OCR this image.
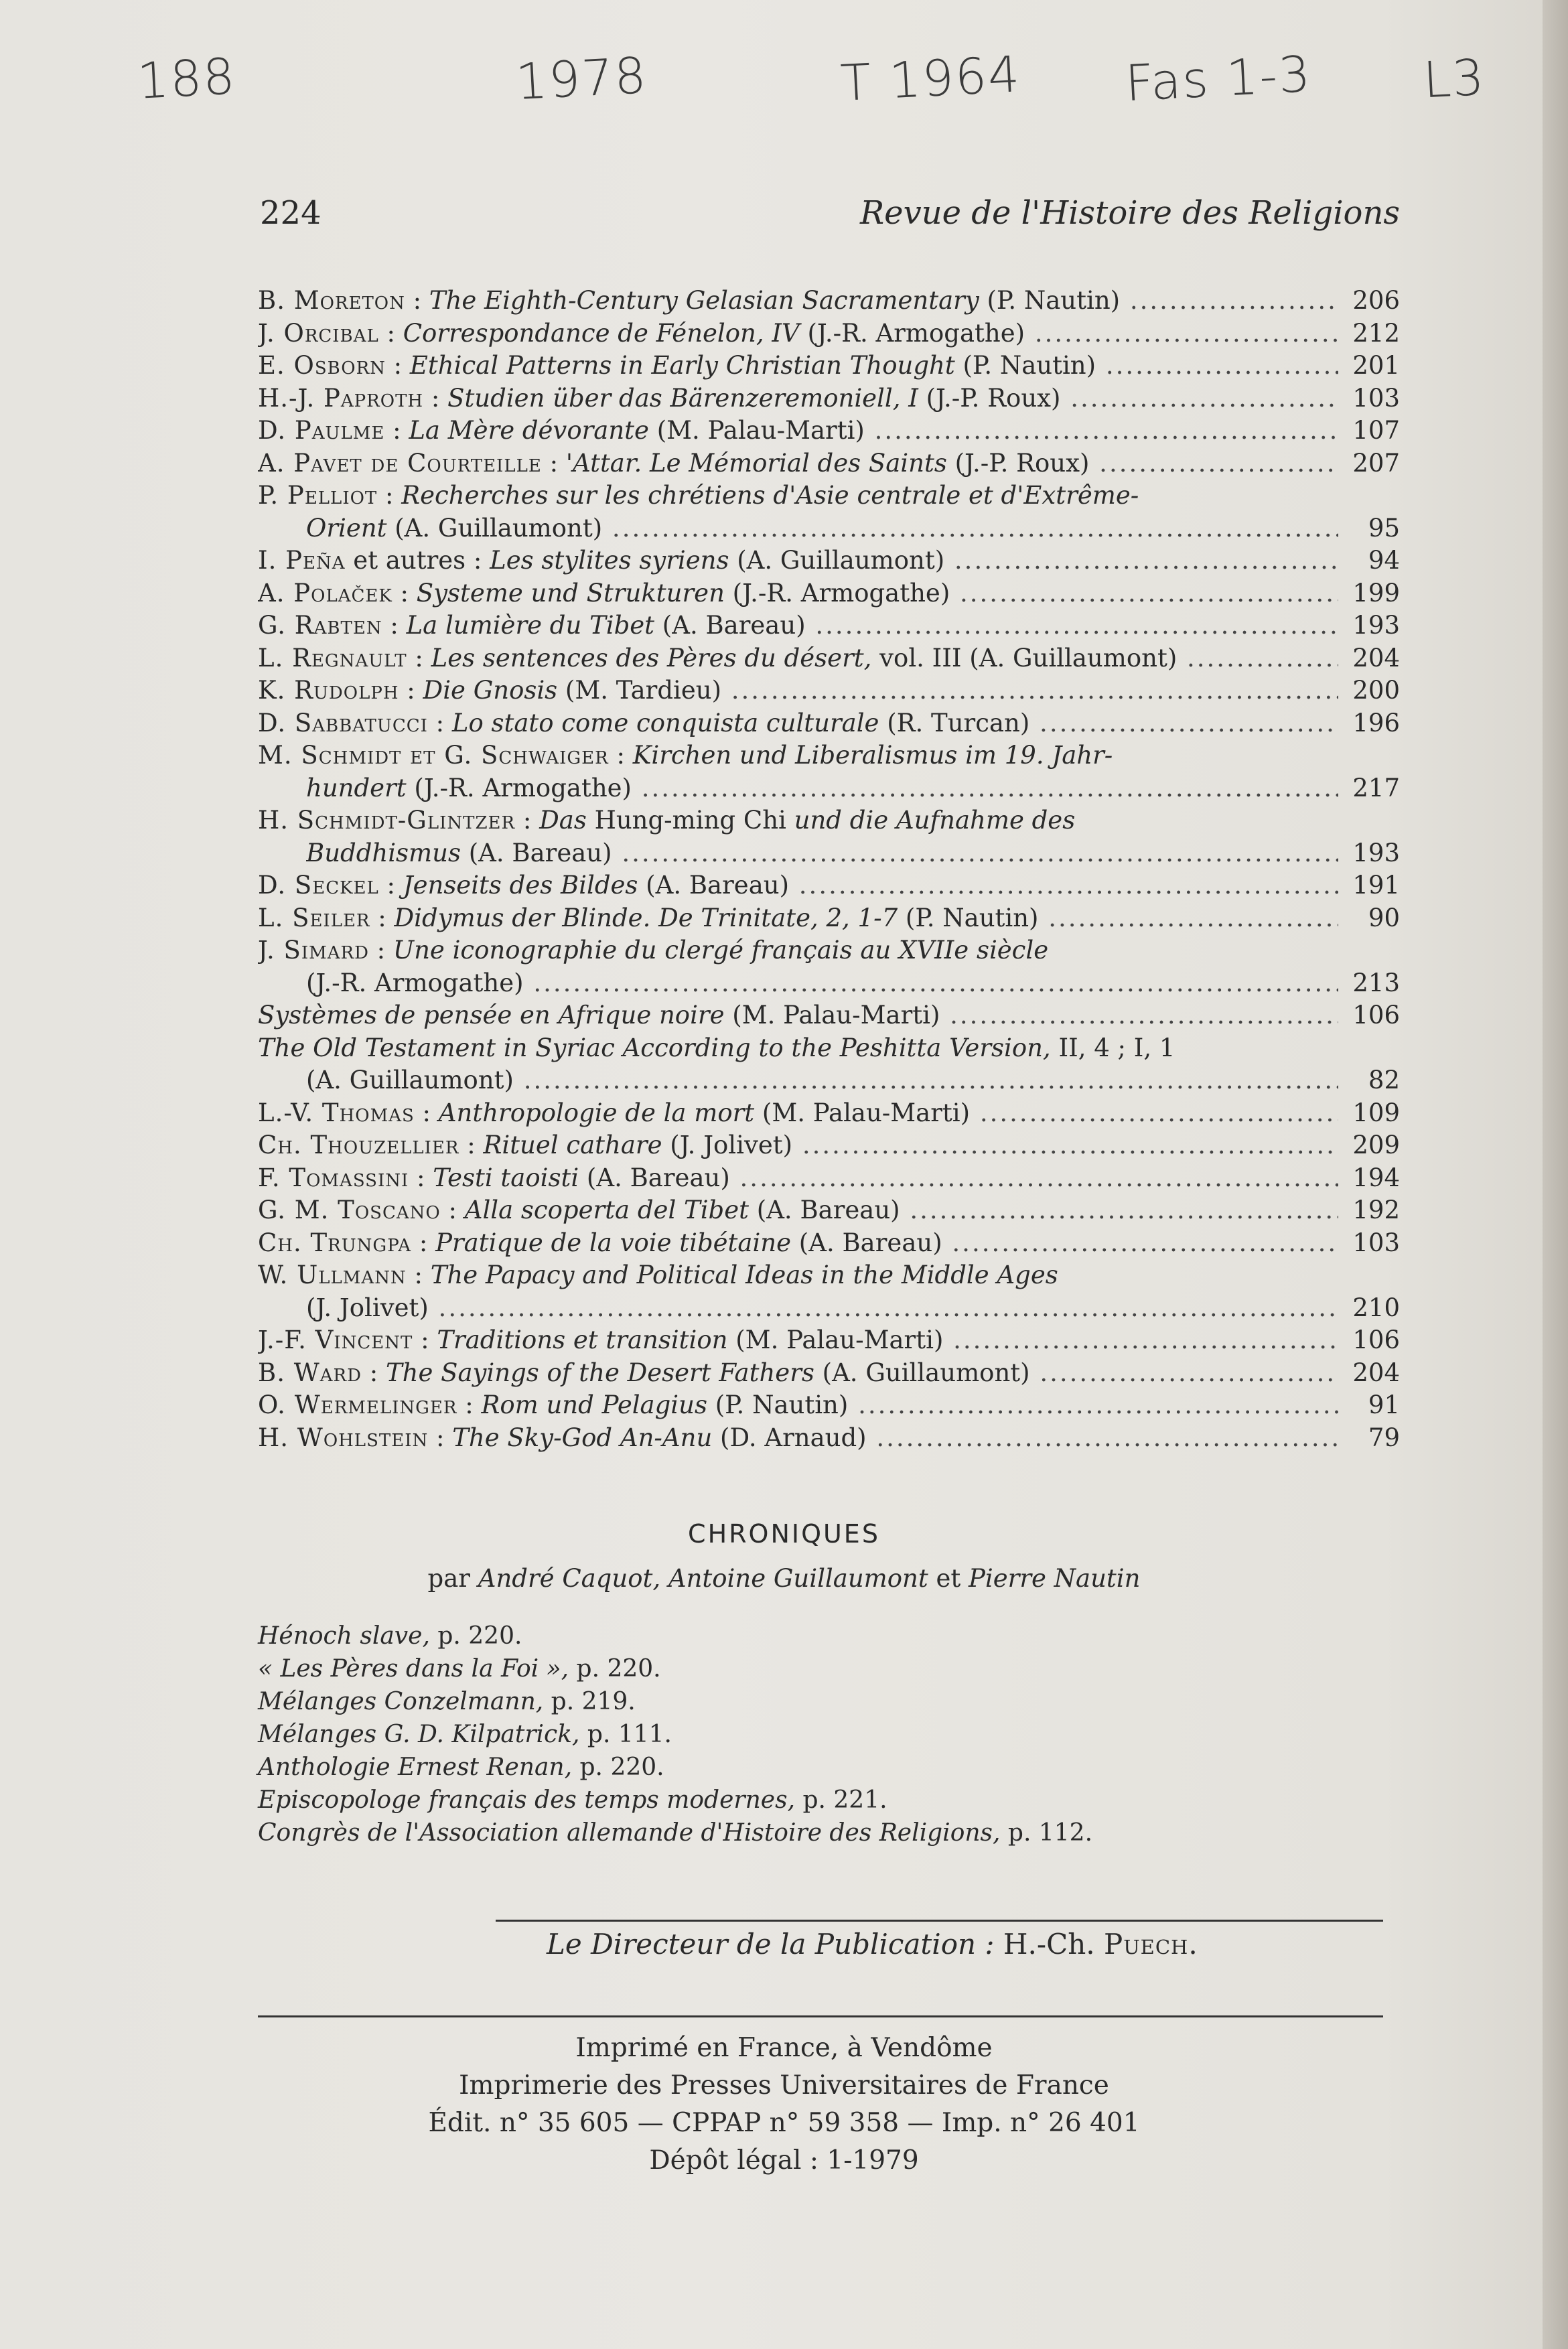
188	1978	T 1964 Fas 1-3 L3
224	Revue de l'Histoire des Religions
B. Moreton : The Eighth-Century Gelasian Sacramentary (P. Nautin) .....	206
J. Orcibal : Correspondance de Fénelon, IV (J.-R. Armogathe) .....	212
E. Osborn : Ethical Patterns in Early Christian Thought (P. Nautin) .....	201
H.-J. Paproth : Studien über das Bärenzeremoniell, I (J.-P. Roux) .....	103
D. Paulme : La Mère dévorante (M. Palau-Marti) .....	107
A. Pavet de Courteille : 'Attar. Le Mémorial des Saints (J.-P. Roux) .....	207
P. Pelliot : Recherches sur les chrétiens d'Asie centrale et d'Extrême-
Orient (A. Guillaumont) .....	95
I. Peña et autres : Les stylites syriens (A. Guillaumont) .....	94
A. Polaček : Systeme und Strukturen (J.-R. Armogathe) .....	199
G. Rabten : La lumière du Tibet (A. Bareau) .....	193
L. Regnault : Les sentences des Pères du désert, vol. III (A. Guillaumont) .....	204
K. Rudolph : Die Gnosis (M. Tardieu) .....	200
D. Sabbatucci : Lo stato come conquista culturale (R. Turcan) .....	196
M. Schmidt et G. Schwaiger : Kirchen und Liberalismus im 19. Jahr-
hundert (J.-R. Armogathe) .....	217
H. Schmidt-Glintzer : Das Hung-ming Chi und die Aufnahme des
Buddhismus (A. Bareau) .....	193
D. Seckel : Jenseits des Bildes (A. Bareau) .....	191
L. Seiler : Didymus der Blinde. De Trinitate, 2, 1-7 (P. Nautin) .....	90
J. Simard : Une iconographie du clergé français au XVIIe siècle
(J.-R. Armogathe) .....	213
Systèmes de pensée en Afrique noire (M. Palau-Marti) .....	106
The Old Testament in Syriac According to the Peshitta Version, II, 4 ; I, 1
(A. Guillaumont) .....	82
L.-V. Thomas : Anthropologie de la mort (M. Palau-Marti) .....	109
Ch. Thouzellier : Rituel cathare (J. Jolivet) .....	209
F. Tomassini : Testi taoisti (A. Bareau) .....	194
G. M. Toscano : Alla scoperta del Tibet (A. Bareau) .....	192
Ch. Trungpa : Pratique de la voie tibétaine (A. Bareau) .....	103
W. Ullmann : The Papacy and Political Ideas in the Middle Ages
(J. Jolivet) .....	210
J.-F. Vincent : Traditions et transition (M. Palau-Marti) .....	106
B. Ward : The Sayings of the Desert Fathers (A. Guillaumont) .....	204
O. Wermelinger : Rom und Pelagius (P. Nautin) .....	91
H. Wohlstein : The Sky-God An-Anu (D. Arnaud) .....	79
CHRONIQUES
par André Caquot, Antoine Guillaumont et Pierre Nautin
Hénoch slave, p. 220.
« Les Pères dans la Foi », p. 220.
Mélanges Conzelmann, p. 219.
Mélanges G. D. Kilpatrick, p. 111.
Anthologie Ernest Renan, p. 220.
Episcopologe français des temps modernes, p. 221.
Congrès de l'Association allemande d'Histoire des Religions, p. 112.
Le Directeur de la Publication : H.-Ch. Puech.
Imprimé en France, à Vendôme
Imprimerie des Presses Universitaires de France
Édit. n° 35 605 — CPPAP n° 59 358 — Imp. n° 26 401
Dépôt légal : 1-1979
